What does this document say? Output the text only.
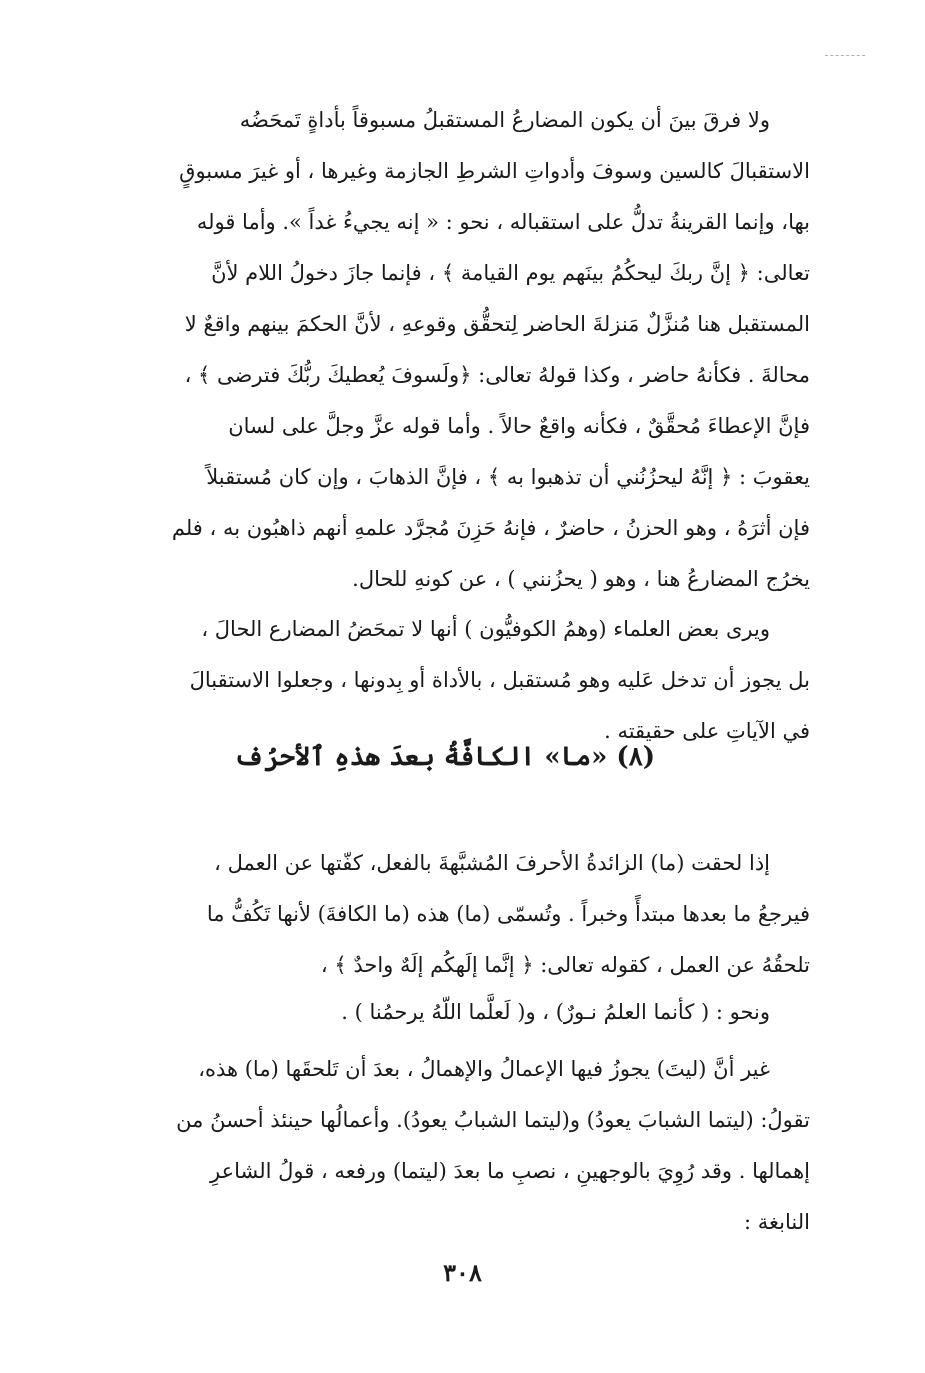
ولا فرقَ بينَ أن يكون المضارعُ المستقبلُ مسبوقاً بأداةٍ تَمحَضُه
الاستقبالَ كالسين وسوفَ وأدواتِ الشرطِ الجازمة وغيرها ، أو غيرَ مسبوقٍ
بها، وإنما القرينةُ تدلُّ على استقباله ، نحو : « إنه يجيءُ غداً ». وأما قوله
تعالى: ﴿ إنَّ ربكَ ليحكُمُ بينَهم يوم القيامة ﴾ ، فإنما جازَ دخولُ اللام لأنَّ
المستقبل هنا مُنزَّلٌ مَنزلةَ الحاضر لِتحقُّق وقوعهِ ، لأنَّ الحكمَ بينهم واقعٌ لا
محالةَ . فكأنهُ حاضر ، وكذا قولهُ تعالى: ﴿ولَسوفَ يُعطيكَ ربُّكَ فترضى ﴾ ،
فإنَّ الإعطاءَ مُحقَّقٌ ، فكأنه واقعٌ حالاً . وأما قوله عزَّ وجلَّ على لسان
يعقوبَ : ﴿ إنَّهُ ليحزُنُني أن تذهبوا به ﴾ ، فإنَّ الذهابَ ، وإن كان مُستقبلاً
فإن أثرَهُ ، وهو الحزنُ ، حاضرٌ ، فإنهُ حَزِنَ مُجرَّد علمهِ أنهم ذاهبُون به ، فلم
يخرُج المضارعُ هنا ، وهو ( يحزُنني ) ، عن كونهِ للحال.
ويرى بعض العلماء (وهمُ الكوفيُّون ) أنها لا تمحَضُ المضارع الحالَ ،
بل يجوز أن تدخل عَليه وهو مُستقبل ، بالأداة أو بِدونها ، وجعلوا الاستقبالَ
في الآياتِ على حقيقته .
(٨) «ما» الكافَّةُ بعدَ هذهِ ٱلأحرُف
إذا لحقت (ما) الزائدةُ الأحرفَ المُشبَّهةَ بالفعل، كفّتها عن العمل ،
فيرجعُ ما بعدها مبتدأً وخبراً . وتُسمّى (ما) هذه (ما الكافةَ) لأنها تَكُفُّ ما
تلحقُهُ عن العمل ، كقوله تعالى: ﴿ إنَّما إلَهكُم إلَهٌ واحدٌ ﴾ ،
ونحو : ( كأنما العلمُ نـورٌ) ، و( لَعلَّما اللّهُ يرحمُنا ) .
غير أنَّ (ليتَ) يجوزُ فيها الإعمالُ والإهمالُ ، بعدَ أن تَلحقَها (ما) هذه،
تقولُ: (ليتما الشبابَ يعودُ) و(ليتما الشبابُ يعودُ). وأعمالُها حينئذ أحسنُ من
إهمالها . وقد رُوِيَ بالوجهينِ ، نصبِ ما بعدَ (ليتما) ورفعه ، قولُ الشاعرِ
النابغة :
٣٠٨
